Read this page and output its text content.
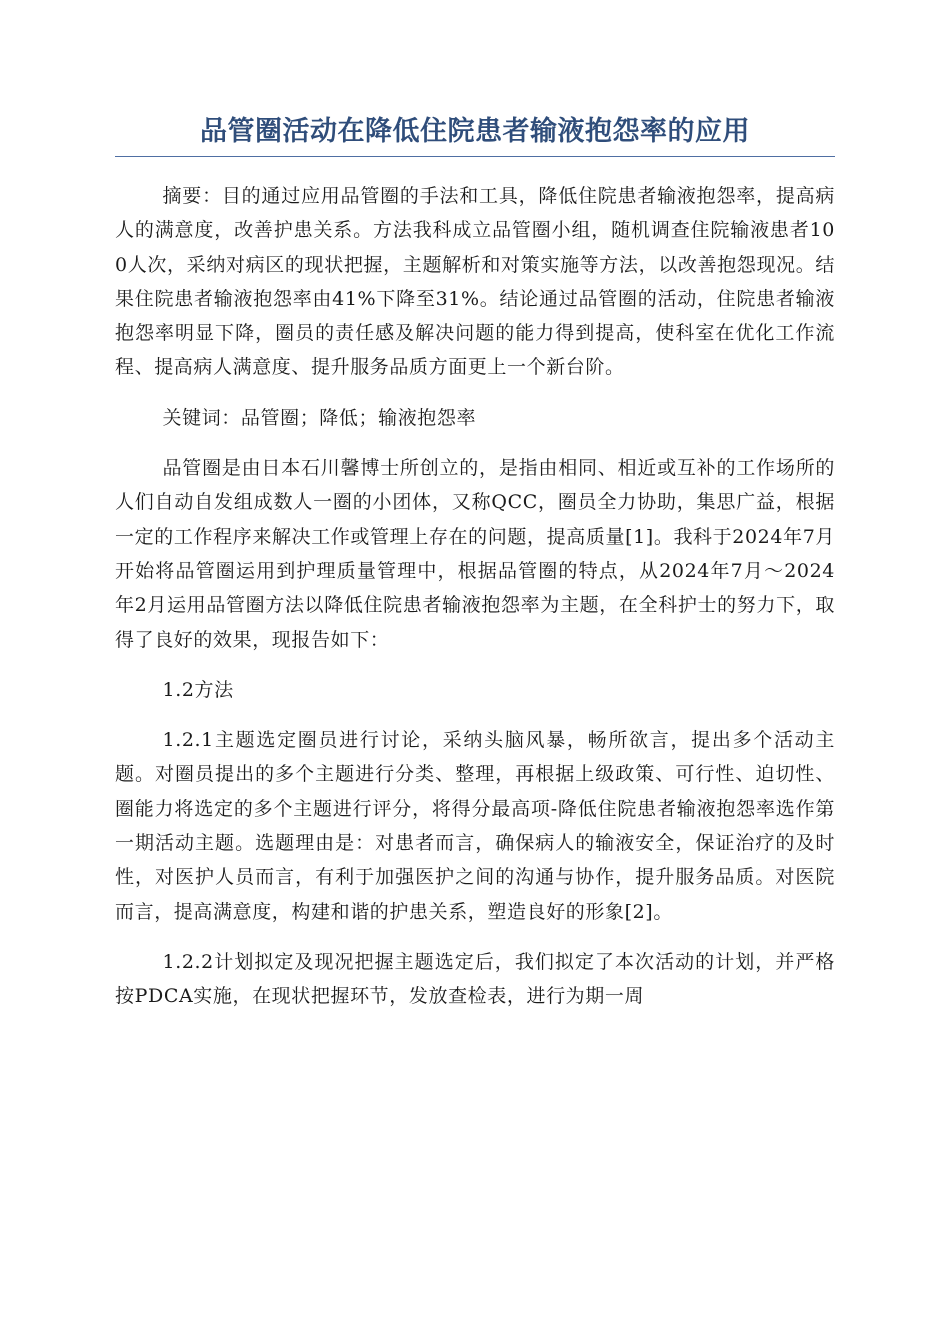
品管圈活动在降低住院患者输液抱怨率的应用

摘要：目的通过应用品管圈的手法和工具，降低住院患者输液抱怨率，提高病人的满意度，改善护患关系。方法我科成立品管圈小组，随机调查住院输液患者100人次，采纳对病区的现状把握，主题解析和对策实施等方法，以改善抱怨现况。结果住院患者输液抱怨率由41%下降至31%。结论通过品管圈的活动，住院患者输液抱怨率明显下降，圈员的责任感及解决问题的能力得到提高，使科室在优化工作流程、提高病人满意度、提升服务品质方面更上一个新台阶。

关键词：品管圈；降低；输液抱怨率

品管圈是由日本石川馨博士所创立的，是指由相同、相近或互补的工作场所的人们自动自发组成数人一圈的小团体，又称QCC，圈员全力协助，集思广益，根据一定的工作程序来解决工作或管理上存在的问题，提高质量[1]。我科于2024年7月开始将品管圈运用到护理质量管理中，根据品管圈的特点，从2024年7月～2024年2月运用品管圈方法以降低住院患者输液抱怨率为主题，在全科护士的努力下，取得了良好的效果，现报告如下：

1.2方法

1.2.1主题选定圈员进行讨论，采纳头脑风暴，畅所欲言，提出多个活动主题。对圈员提出的多个主题进行分类、整理，再根据上级政策、可行性、迫切性、圈能力将选定的多个主题进行评分，将得分最高项-降低住院患者输液抱怨率选作第一期活动主题。选题理由是：对患者而言，确保病人的输液安全，保证治疗的及时性，对医护人员而言，有利于加强医护之间的沟通与协作，提升服务品质。对医院而言，提高满意度，构建和谐的护患关系，塑造良好的形象[2]。

1.2.2计划拟定及现况把握主题选定后，我们拟定了本次活动的计划，并严格按PDCA实施，在现状把握环节，发放查检表，进行为期一周
